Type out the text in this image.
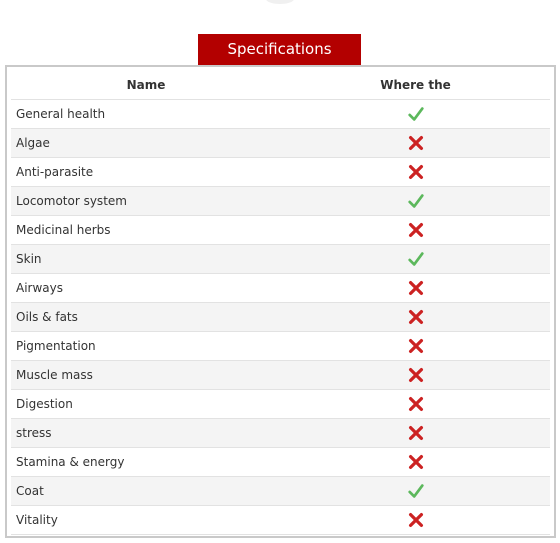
Specifications
Name	Where the
General health
Algae
Anti-parasite
Locomotor system
Medicinal herbs
Skin
Airways
Oils & fats
Pigmentation
Muscle mass
Digestion
stress
Stamina & energy
Coat
Vitality
